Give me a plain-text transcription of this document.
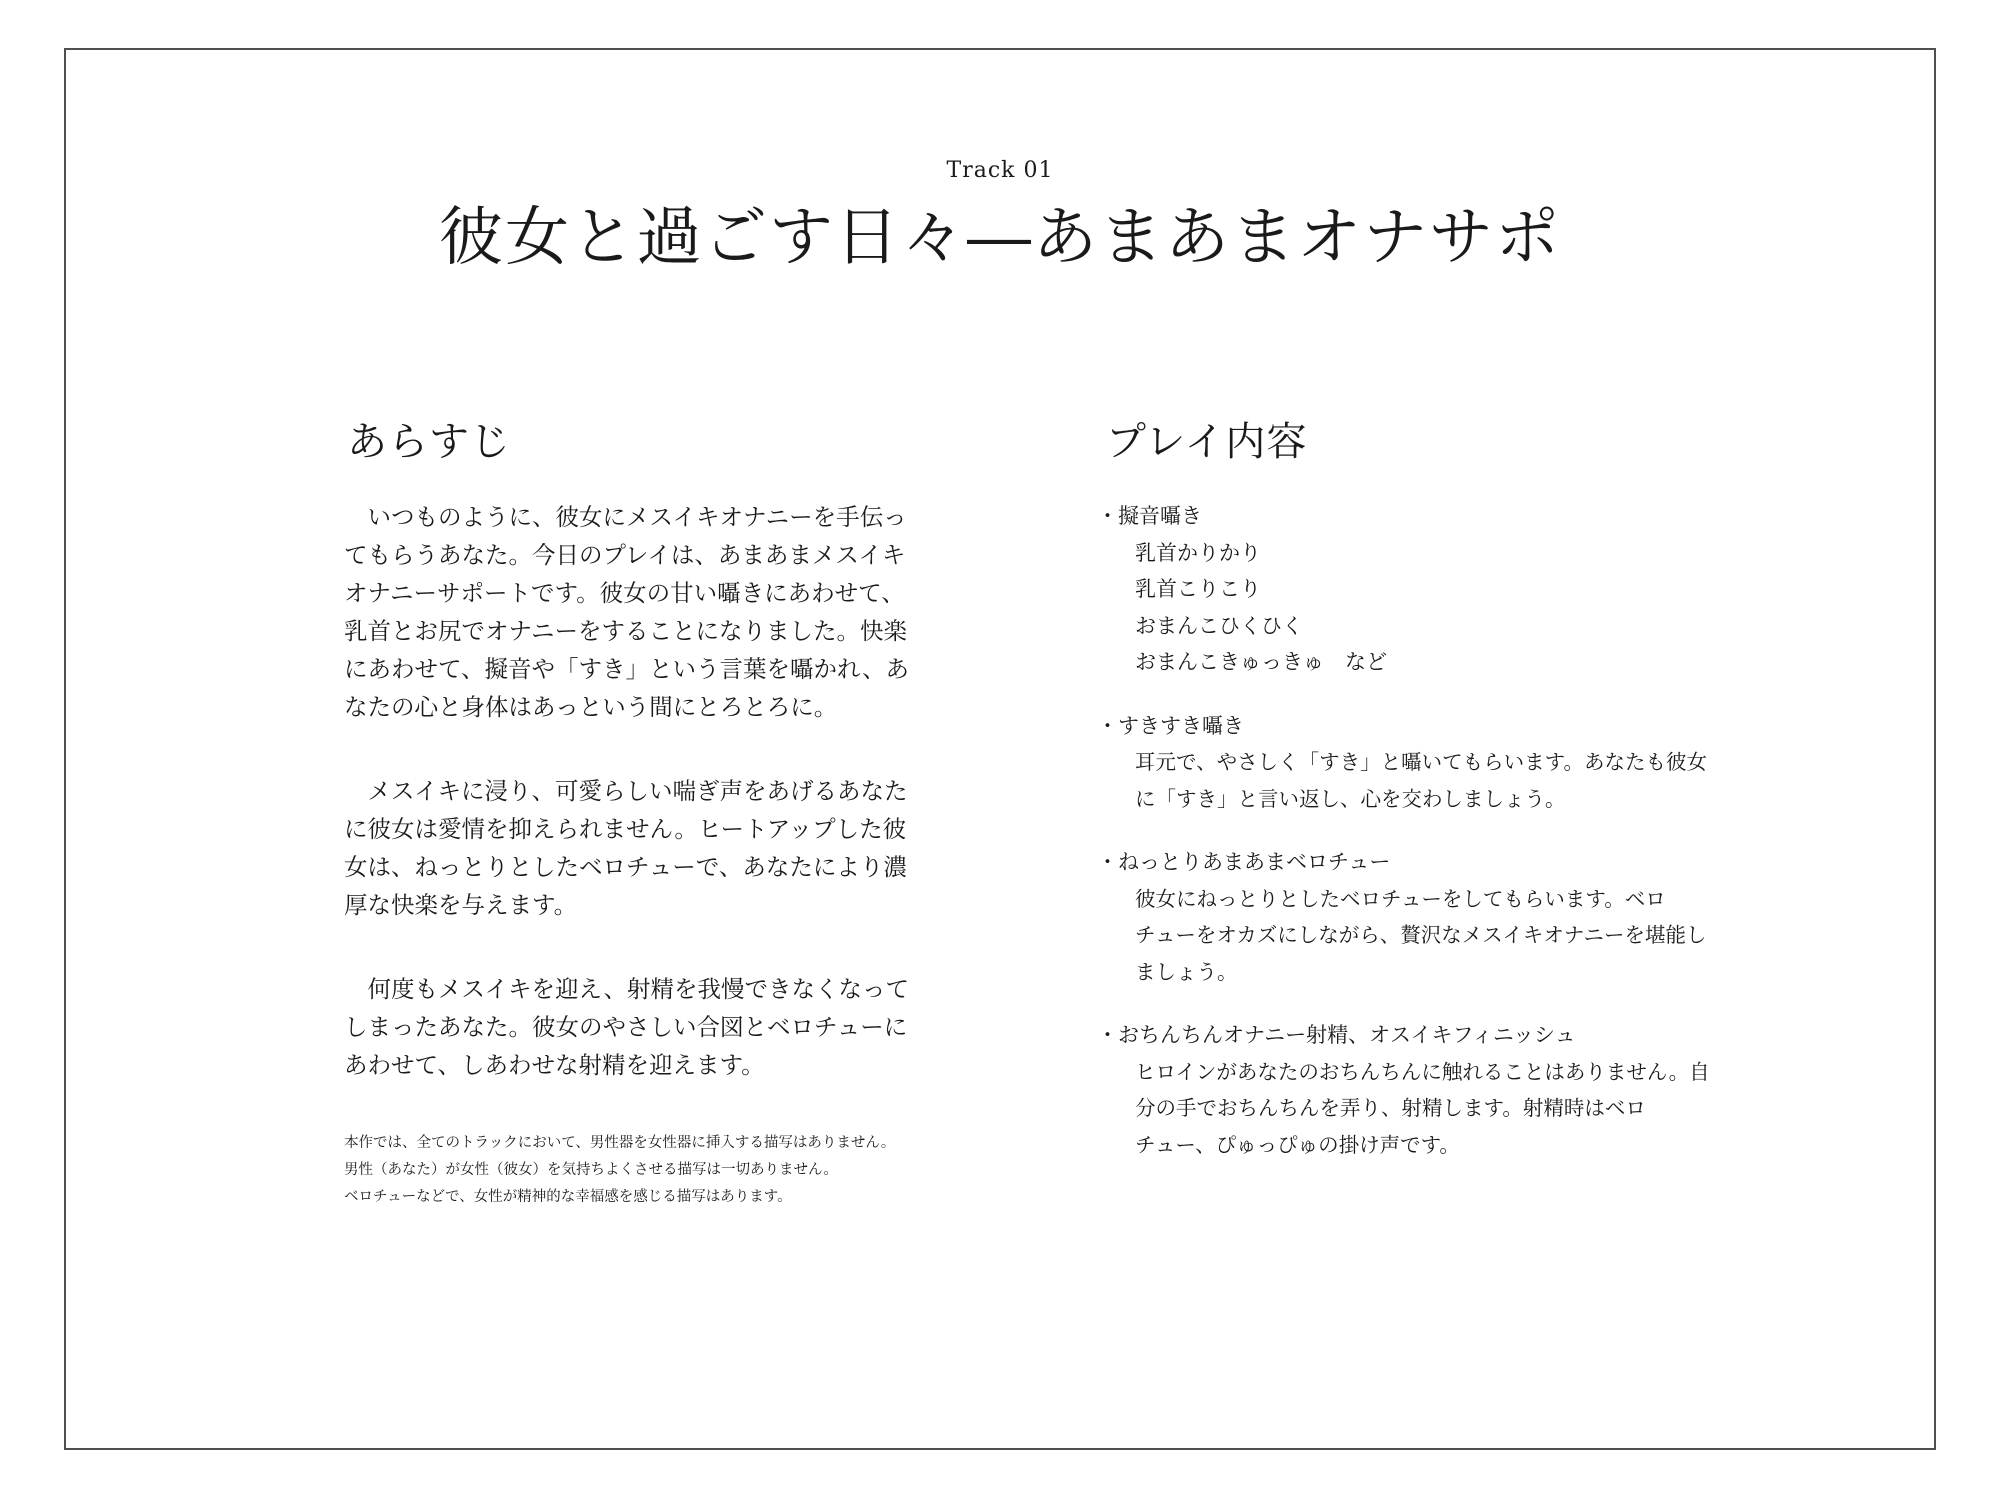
Track 01
彼女と過ごす日々―あまあまオナサポ
あらすじ

いつものように、彼女にメスイキオナニーを手伝ってもらうあなた。今日のプレイは、あまあまメスイキオナニーサポートです。彼女の甘い囁きにあわせて、乳首とお尻でオナニーをすることになりました。快楽にあわせて、擬音や「すき」という言葉を囁かれ、あなたの心と身体はあっという間にとろとろに。

メスイキに浸り、可愛らしい喘ぎ声をあげるあなたに彼女は愛情を抑えられません。ヒートアップした彼女は、ねっとりとしたベロチューで、あなたにより濃厚な快楽を与えます。

何度もメスイキを迎え、射精を我慢できなくなってしまったあなた。彼女のやさしい合図とベロチューにあわせて、しあわせな射精を迎えます。

本作では、全てのトラックにおいて、男性器を女性器に挿入する描写はありません。
男性（あなた）が女性（彼女）を気持ちよくさせる描写は一切ありません。
ベロチューなどで、女性が精神的な幸福感を感じる描写はあります。
プレイ内容
・擬音囁き
乳首かりかり
乳首こりこり
おまんこひくひく
おまんこきゅっきゅ　など
・すきすき囁き
耳元で、やさしく「すき」と囁いてもらいます。あなたも彼女に「すき」と言い返し、心を交わしましょう。
・ねっとりあまあまベロチュー
彼女にねっとりとしたベロチューをしてもらいます。ベロチューをオカズにしながら、贅沢なメスイキオナニーを堪能しましょう。
・おちんちんオナニー射精、オスイキフィニッシュ
ヒロインがあなたのおちんちんに触れることはありません。自分の手でおちんちんを弄り、射精します。射精時はベロチュー、ぴゅっぴゅの掛け声です。
